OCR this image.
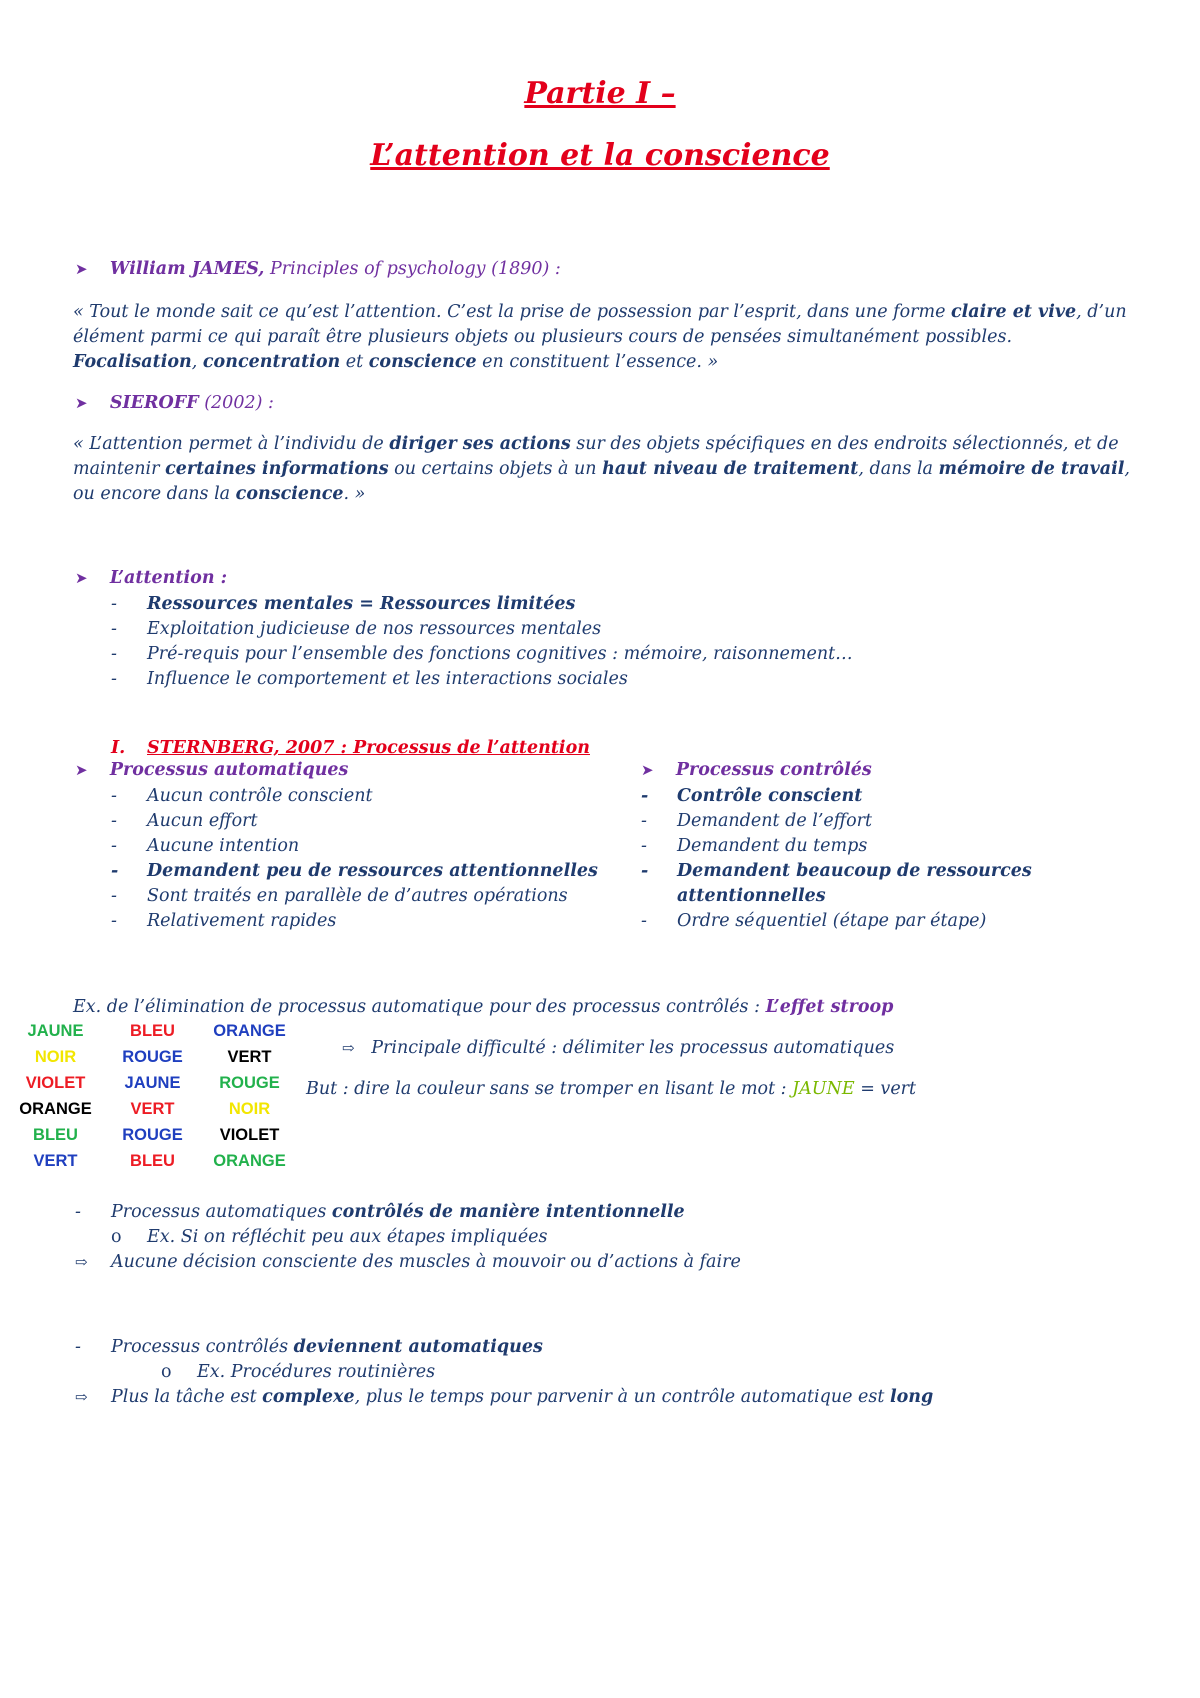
Partie I –
L’attention et la conscience
➤ William JAMES, Principles of psychology (1890) :
« Tout le monde sait ce qu’est l’attention. C’est la prise de possession par l’esprit, dans une forme claire et vive, d’un élément parmi ce qui paraît être plusieurs objets ou plusieurs cours de pensées simultanément possibles. Focalisation, concentration et conscience en constituent l’essence. »
➤ SIEROFF (2002) :
« L’attention permet à l’individu de diriger ses actions sur des objets spécifiques en des endroits sélectionnés, et de maintenir certaines informations ou certains objets à un haut niveau de traitement, dans la mémoire de travail, ou encore dans la conscience. »
➤ L’attention :
- Ressources mentales = Ressources limitées
- Exploitation judicieuse de nos ressources mentales
- Pré-requis pour l’ensemble des fonctions cognitives : mémoire, raisonnement…
- Influence le comportement et les interactions sociales
I. STERNBERG, 2007 : Processus de l’attention
➤ Processus automatiques
- Aucun contrôle conscient
- Aucun effort
- Aucune intention
- Demandent peu de ressources attentionnelles
- Sont traités en parallèle de d’autres opérations
- Relativement rapides
➤ Processus contrôlés
- Contrôle conscient
- Demandent de l’effort
- Demandent du temps
- Demandent beaucoup de ressources
attentionnelles
- Ordre séquentiel (étape par étape)
Ex. de l’élimination de processus automatique pour des processus contrôlés : L’effet stroop
JAUNE	BLEU	ORANGE
NOIR	ROUGE	VERT
VIOLET	JAUNE	ROUGE
ORANGE	VERT	NOIR
BLEU	ROUGE	VIOLET
VERT	BLEU	ORANGE
⇨ Principale difficulté : délimiter les processus automatiques
But : dire la couleur sans se tromper en lisant le mot : JAUNE = vert
- Processus automatiques contrôlés de manière intentionnelle
o Ex. Si on réfléchit peu aux étapes impliquées
⇨ Aucune décision consciente des muscles à mouvoir ou d’actions à faire
- Processus contrôlés deviennent automatiques
o Ex. Procédures routinières
⇨ Plus la tâche est complexe, plus le temps pour parvenir à un contrôle automatique est long
